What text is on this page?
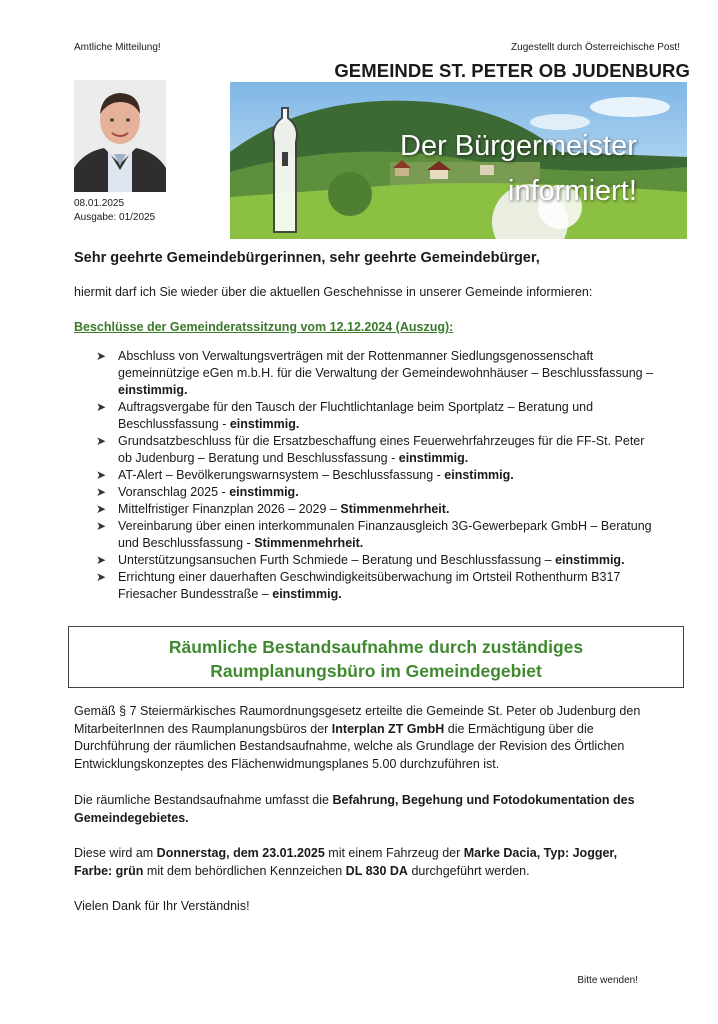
Amtliche Mitteilung!	Zugestellt durch Österreichische Post!
GEMEINDE ST. PETER OB JUDENBURG
08.01.2025
Ausgabe: 01/2025
Der Bürgermeister
informiert!
Sehr geehrte Gemeindebürgerinnen, sehr geehrte Gemeindebürger,
hiermit darf ich Sie wieder über die aktuellen Geschehnisse in unserer Gemeinde informieren:
Beschlüsse der Gemeinderatssitzung vom 12.12.2024 (Auszug):
➤ Abschluss von Verwaltungsverträgen mit der Rottenmanner Siedlungsgenossenschaft gemeinnützige eGen m.b.H. für die Verwaltung der Gemeindewohnhäuser – Beschlussfassung – einstimmig.
➤ Auftragsvergabe für den Tausch der Fluchtlichtanlage beim Sportplatz – Beratung und Beschlussfassung - einstimmig.
➤ Grundsatzbeschluss für die Ersatzbeschaffung eines Feuerwehrfahrzeuges für die FF-St. Peter ob Judenburg – Beratung und Beschlussfassung - einstimmig.
➤ AT-Alert – Bevölkerungswarnsystem – Beschlussfassung - einstimmig.
➤ Voranschlag 2025 - einstimmig.
➤ Mittelfristiger Finanzplan 2026 – 2029 – Stimmenmehrheit.
➤ Vereinbarung über einen interkommunalen Finanzausgleich 3G-Gewerbepark GmbH – Beratung und Beschlussfassung - Stimmenmehrheit.
➤ Unterstützungsansuchen Furth Schmiede – Beratung und Beschlussfassung – einstimmig.
➤ Errichtung einer dauerhaften Geschwindigkeitsüberwachung im Ortsteil Rothenthurm B317 Friesacher Bundesstraße – einstimmig.
Räumliche Bestandsaufnahme durch zuständiges
Raumplanungsbüro im Gemeindegebiet
Gemäß § 7 Steiermärkisches Raumordnungsgesetz erteilte die Gemeinde St. Peter ob Judenburg den MitarbeiterInnen des Raumplanungsbüros der Interplan ZT GmbH die Ermächtigung über die Durchführung der räumlichen Bestandsaufnahme, welche als Grundlage der Revision des Örtlichen Entwicklungskonzeptes des Flächenwidmungsplanes 5.00 durchzuführen ist.
Die räumliche Bestandsaufnahme umfasst die Befahrung, Begehung und Fotodokumentation des Gemeindegebietes.
Diese wird am Donnerstag, dem 23.01.2025 mit einem Fahrzeug der Marke Dacia, Typ: Jogger, Farbe: grün mit dem behördlichen Kennzeichen DL 830 DA durchgeführt werden.
Vielen Dank für Ihr Verständnis!
Bitte wenden!
